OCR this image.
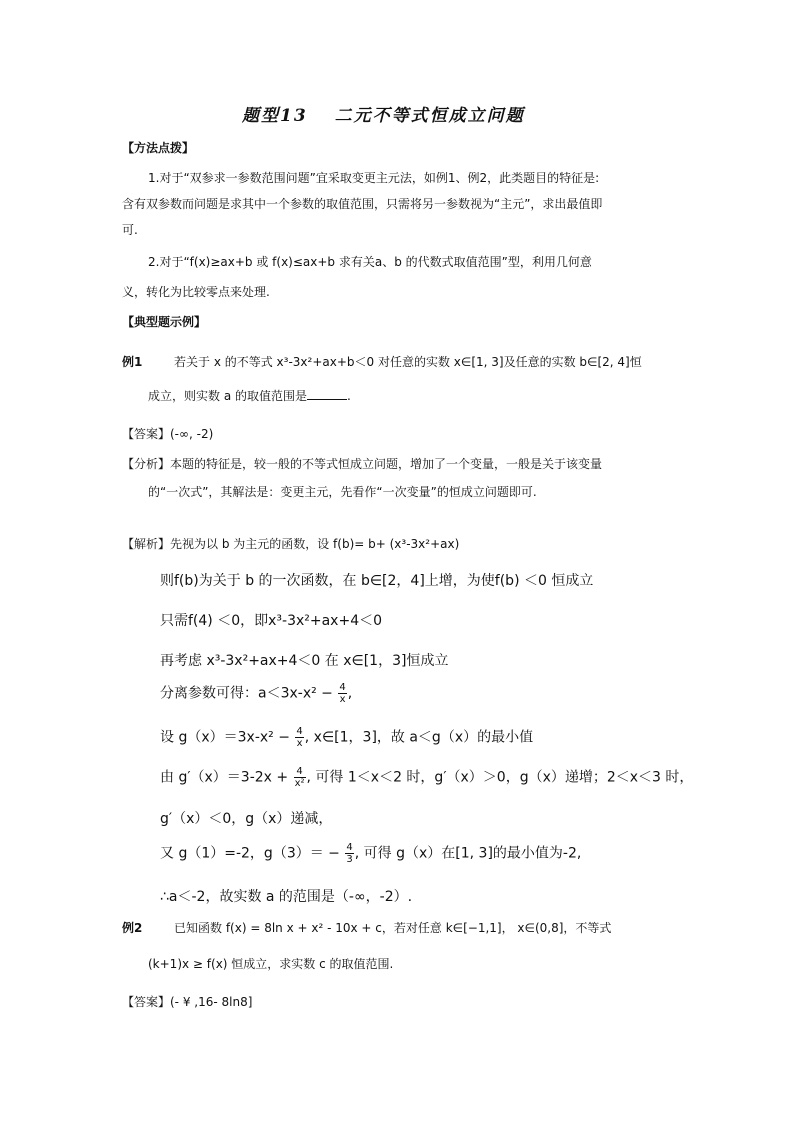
题型13　 二元不等式恒成立问题
【方法点拨】
1.对于“双参求一参数范围问题”宜采取变更主元法，如例1、例2，此类题目的特征是:
含有双参数而问题是求其中一个参数的取值范围，只需将另一参数视为“主元”，求出最值即
可.
2.对于“f(x)≥ax+b 或 f(x)≤ax+b 求有关a、b 的代数式取值范围”型，利用几何意
义，转化为比较零点来处理.
【典型题示例】
例1	若关于 x 的不等式 x³-3x²+ax+b＜0 对任意的实数 x∈[1, 3]及任意的实数 b∈[2, 4]恒
成立，则实数 a 的取值范围是	.
【答案】(-∞, -2)
【分析】本题的特征是，较一般的不等式恒成立问题，增加了一个变量，一般是关于该变量
的“一次式”，其解法是：变更主元，先看作“一次变量”的恒成立问题即可.
【解析】先视为以 b 为主元的函数，设 f(b)= b+ (x³-3x²+ax)
则f(b)为关于 b 的一次函数，在 b∈[2，4]上增，为使f(b) ＜0 恒成立
只需f(4) ＜0，即x³-3x²+ax+4＜0
再考虑 x³-3x²+ax+4＜0 在 x∈[1，3]恒成立
分离参数可得：$a<3x-x^2 - \frac{4}{x}$ ,
设 $g(x)=3x-x^2 - \frac{4}{x}$ , x∈[1，3]，故 a＜g（x）的最小值
由 $g'(x)=3-2x + \frac{4}{\text{x²}}$ , 可得 1＜x＜2 时，g′（x）＞0，g（x）递增；2＜x＜3 时，
g′（x）＜0，g（x）递减，
又 g（1）=-2，$g(3)= - \frac{4}{3}$ , 可得 g（x）在[1, 3]的最小值为-2,
∴a＜-2，故实数 a 的范围是（-∞，-2）.
例2	已知函数 f(x) = 8ln x + x² - 10x + c，若对任意 k∈[−1,1]， x∈(0,8]，不等式
(k+1)x ≥ f(x) 恒成立，求实数 c 的取值范围.
【答案】(- ¥ ,16- 8ln8]
